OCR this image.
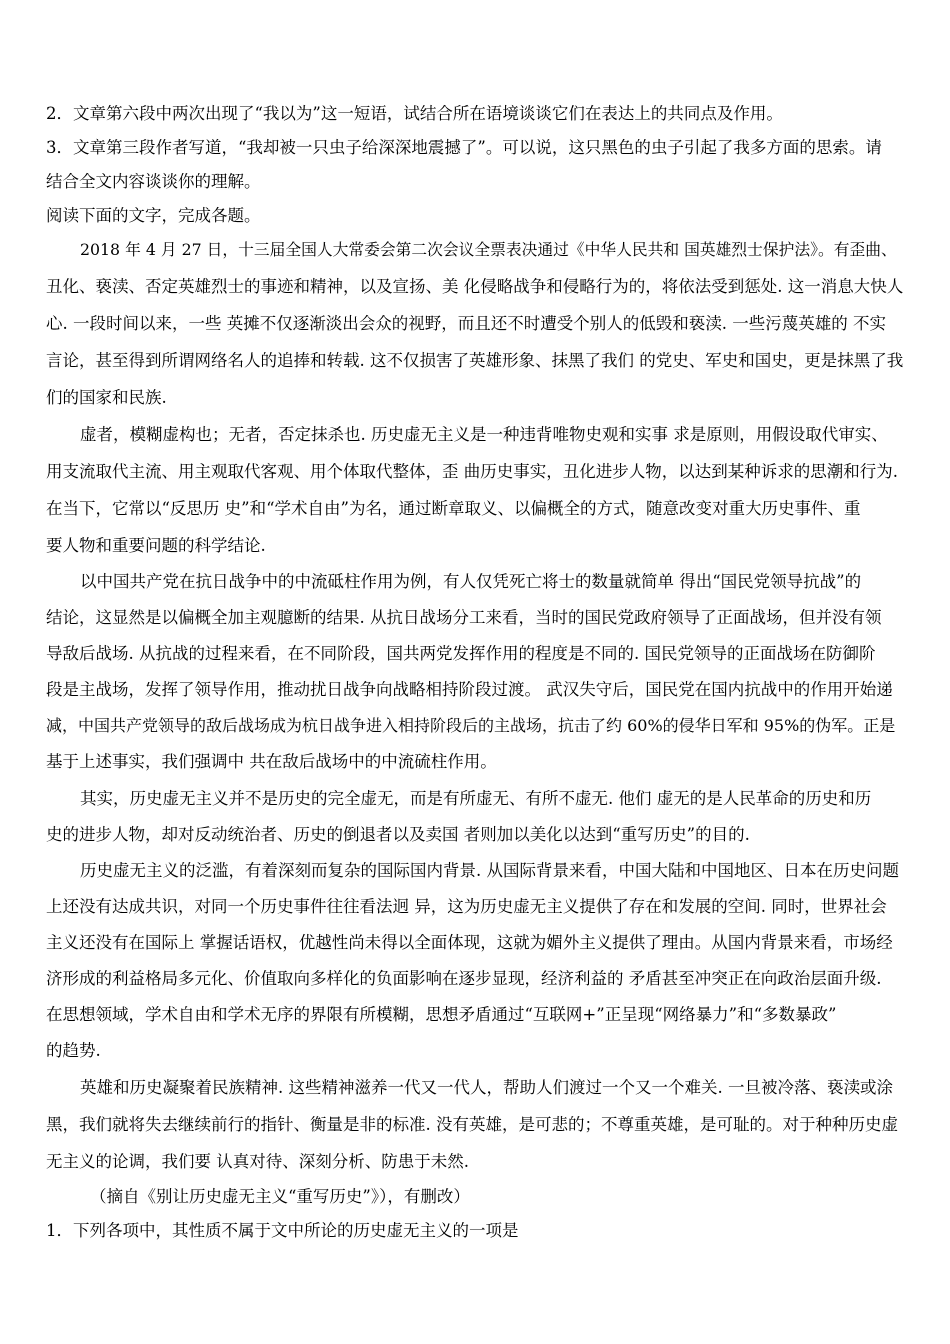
2．文章第六段中两次出现了“我以为”这一短语，试结合所在语境谈谈它们在表达上的共同点及作用。
3．文章第三段作者写道，“我却被一只虫子给深深地震撼了”。可以说，这只黑色的虫子引起了我多方面的思索。请
结合全文内容谈谈你的理解。
阅读下面的文字，完成各题。
2018 年 4 月 27 日，十三届全国人大常委会第二次会议全票表决通过《中华人民共和 国英雄烈士保护法》。有歪曲、
丑化、亵渎、否定英雄烈士的事迹和精神，以及宣扬、美 化侵略战争和侵略行为的，将依法受到惩处. 这一消息大快人
心. 一段时间以来，一些 英摊不仅逐渐淡出会众的视野，而且还不时遭受个别人的低毁和亵渎. 一些污蔑英雄的 不实
言论，甚至得到所谓网络名人的追捧和转载. 这不仅损害了英雄形象、抹黑了我们 的党史、军史和国史，更是抹黑了我
们的国家和民族.
虚者，模糊虚构也；无者，否定抹杀也. 历史虚无主义是一种违背唯物史观和实事 求是原则，用假设取代审实、
用支流取代主流、用主观取代客观、用个体取代整体，歪 曲历史事实，丑化进步人物，以达到某种诉求的思潮和行为.
在当下，它常以“反思历 史”和“学术自由”为名，通过断章取义、以偏概全的方式，随意改变对重大历史事件、重
要人物和重要问题的科学结论.
以中国共产党在抗日战争中的中流砥柱作用为例，有人仅凭死亡将士的数量就简单 得出“国民党领导抗战”的
结论，这显然是以偏概全加主观臆断的结果. 从抗日战场分工来看，当时的国民党政府领导了正面战场，但并没有领
导敌后战场. 从抗战的过程来看，在不同阶段，国共两党发挥作用的程度是不同的. 国民党领导的正面战场在防御阶
段是主战场，发挥了领导作用，推动扰日战争向战略相持阶段过渡。 武汉失守后，国民党在国内抗战中的作用开始递
减，中国共产党领导的敌后战场成为杭日战争进入相持阶段后的主战场，抗击了约 60%的侵华日军和 95%的伪军。正是
基于上述事实，我们强调中 共在敌后战场中的中流硫柱作用。
其实，历史虚无主义并不是历史的完全虚无，而是有所虚无、有所不虚无. 他们 虚无的是人民革命的历史和历
史的进步人物，却对反动统治者、历史的倒退者以及卖国 者则加以美化以达到“重写历史”的目的.
历史虚无主义的泛滥，有着深刻而复杂的国际国内背景. 从国际背景来看，中国大陆和中国地区、日本在历史问题
上还没有达成共识，对同一个历史事件往往看法迥 异，这为历史虚无主义提供了存在和发展的空间. 同时，世界社会
主义还没有在国际上 掌握话语权，优越性尚未得以全面体现，这就为媚外主义提供了理由。从国内背景来看，市场经
济形成的利益格局多元化、价值取向多样化的负面影响在逐步显现，经济利益的 矛盾甚至冲突正在向政治层面升级.
在思想领域，学术自由和学术无序的界限有所模糊，思想矛盾通过“互联网+”正呈现“网络暴力”和“多数暴政”
的趋势.
英雄和历史凝聚着民族精神. 这些精神滋养一代又一代人，帮助人们渡过一个又一个难关. 一旦被冷落、亵渎或涂
黑，我们就将失去继续前行的指针、衡量是非的标准. 没有英雄，是可悲的；不尊重英雄，是可耻的。对于种种历史虚
无主义的论调，我们要 认真对待、深刻分析、防患于未然.
（摘自《别让历史虚无主义“重写历史”》），有删改）
1．下列各项中，其性质不属于文中所论的历史虚无主义的一项是
